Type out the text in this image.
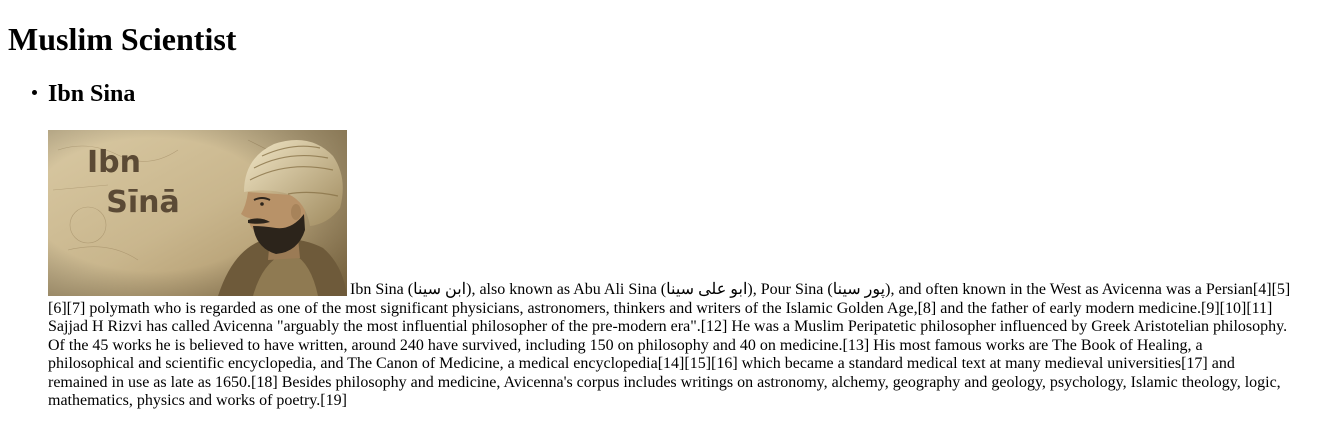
Muslim Scientist
Ibn Sina
Ibn
Sīnā
Ibn Sina (ابن سینا), also known as Abu Ali Sina (ابو علی سینا), Pour Sina (پور سینا), and often known in the West as Avicenna was a Persian[4][5][6][7] polymath who is regarded as one of the most significant physicians, astronomers, thinkers and writers of the Islamic Golden Age,[8] and the father of early modern medicine.[9][10][11] Sajjad H Rizvi has called Avicenna "arguably the most influential philosopher of the pre-modern era".[12] He was a Muslim Peripatetic philosopher influenced by Greek Aristotelian philosophy. Of the 45 works he is believed to have written, around 240 have survived, including 150 on philosophy and 40 on medicine.[13] His most famous works are The Book of Healing, a philosophical and scientific encyclopedia, and The Canon of Medicine, a medical encyclopedia[14][15][16] which became a standard medical text at many medieval universities[17] and remained in use as late as 1650.[18] Besides philosophy and medicine, Avicenna's corpus includes writings on astronomy, alchemy, geography and geology, psychology, Islamic theology, logic, mathematics, physics and works of poetry.[19]
